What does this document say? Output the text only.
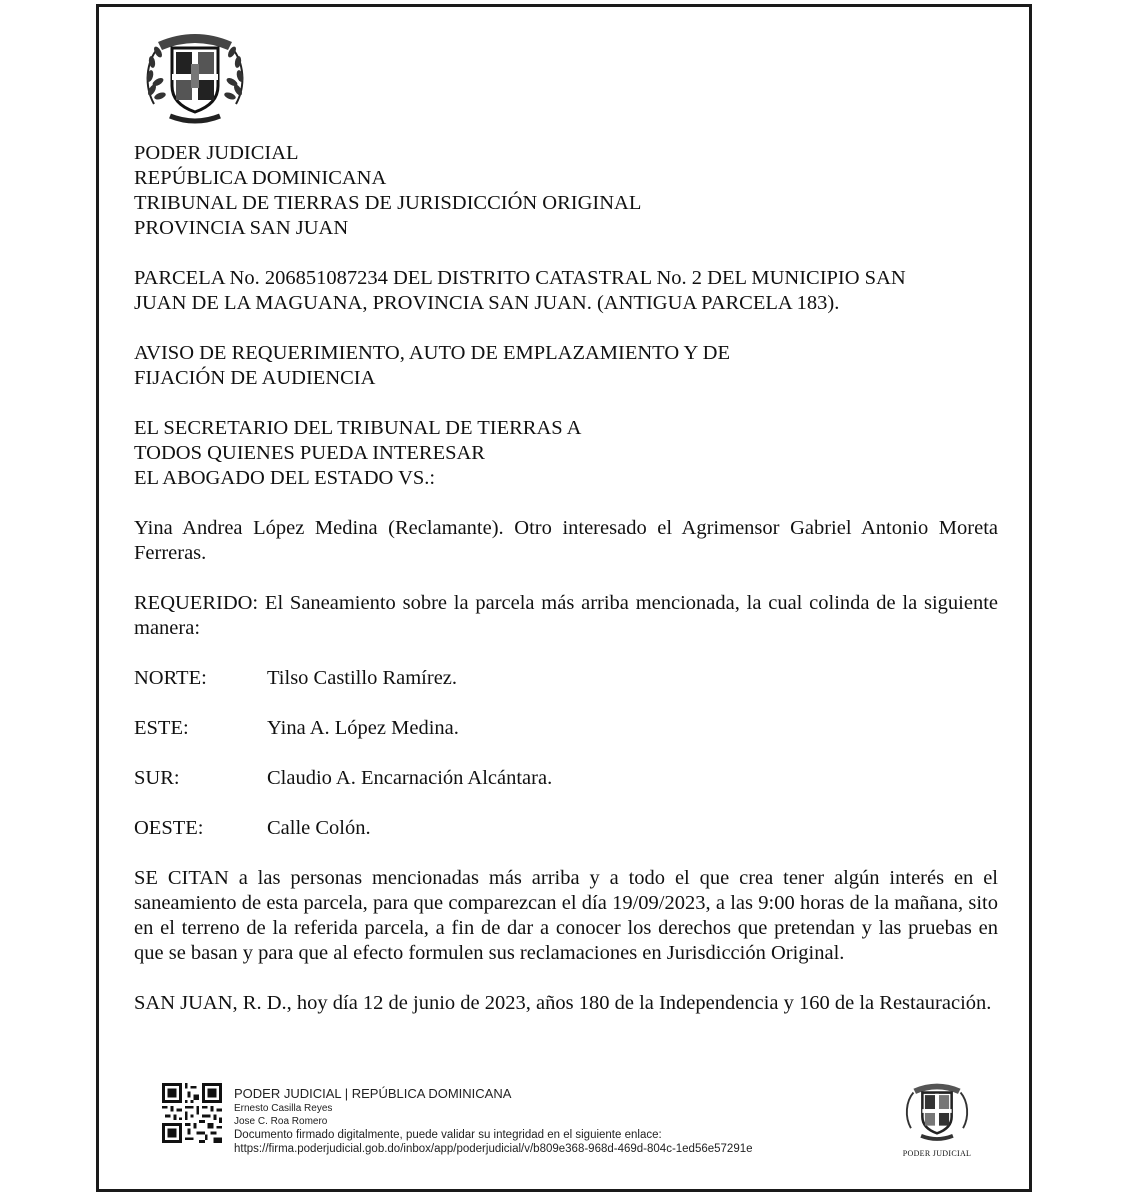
PODER JUDICIAL

REPÚBLICA DOMINICANA

TRIBUNAL DE TIERRAS DE JURISDICCIÓN ORIGINAL

PROVINCIA SAN JUAN

PARCELA No. 206851087234 DEL DISTRITO CATASTRAL No. 2 DEL MUNICIPIO SAN

JUAN DE LA MAGUANA, PROVINCIA SAN JUAN. (ANTIGUA PARCELA 183).

AVISO DE REQUERIMIENTO, AUTO DE EMPLAZAMIENTO Y DE

FIJACIÓN DE AUDIENCIA

EL SECRETARIO DEL TRIBUNAL DE TIERRAS A

TODOS QUIENES PUEDA INTERESAR

EL ABOGADO DEL ESTADO VS.:

Yina Andrea López Medina (Reclamante). Otro interesado el Agrimensor Gabriel Antonio Moreta Ferreras.

REQUERIDO: El Saneamiento sobre la parcela más arriba mencionada, la cual colinda de la siguiente manera:

NORTE:	Tilso Castillo Ramírez.
ESTE:	Yina A. López Medina.
SUR:	Claudio A. Encarnación Alcántara.
OESTE:	Calle Colón.

SE CITAN a las personas mencionadas más arriba y a todo el que crea tener algún interés en el saneamiento de esta parcela, para que comparezcan el día 19/09/2023, a las 9:00 horas de la mañana, sito en el terreno de la referida parcela, a fin de dar a conocer los derechos que pretendan y las pruebas en que se basan y para que al efecto formulen sus reclamaciones en Jurisdicción Original.

SAN JUAN, R. D., hoy día 12 de junio de 2023, años 180 de la Independencia y 160 de la Restauración.

PODER JUDICIAL | REPÚBLICA DOMINICANA
Ernesto Casilla Reyes
Jose C. Roa Romero
Documento firmado digitalmente, puede validar su integridad en el siguiente enlace:
https://firma.poderjudicial.gob.do/inbox/app/poderjudicial/v/b809e368-968d-469d-804c-1ed56e57291e	PODER JUDICIAL
